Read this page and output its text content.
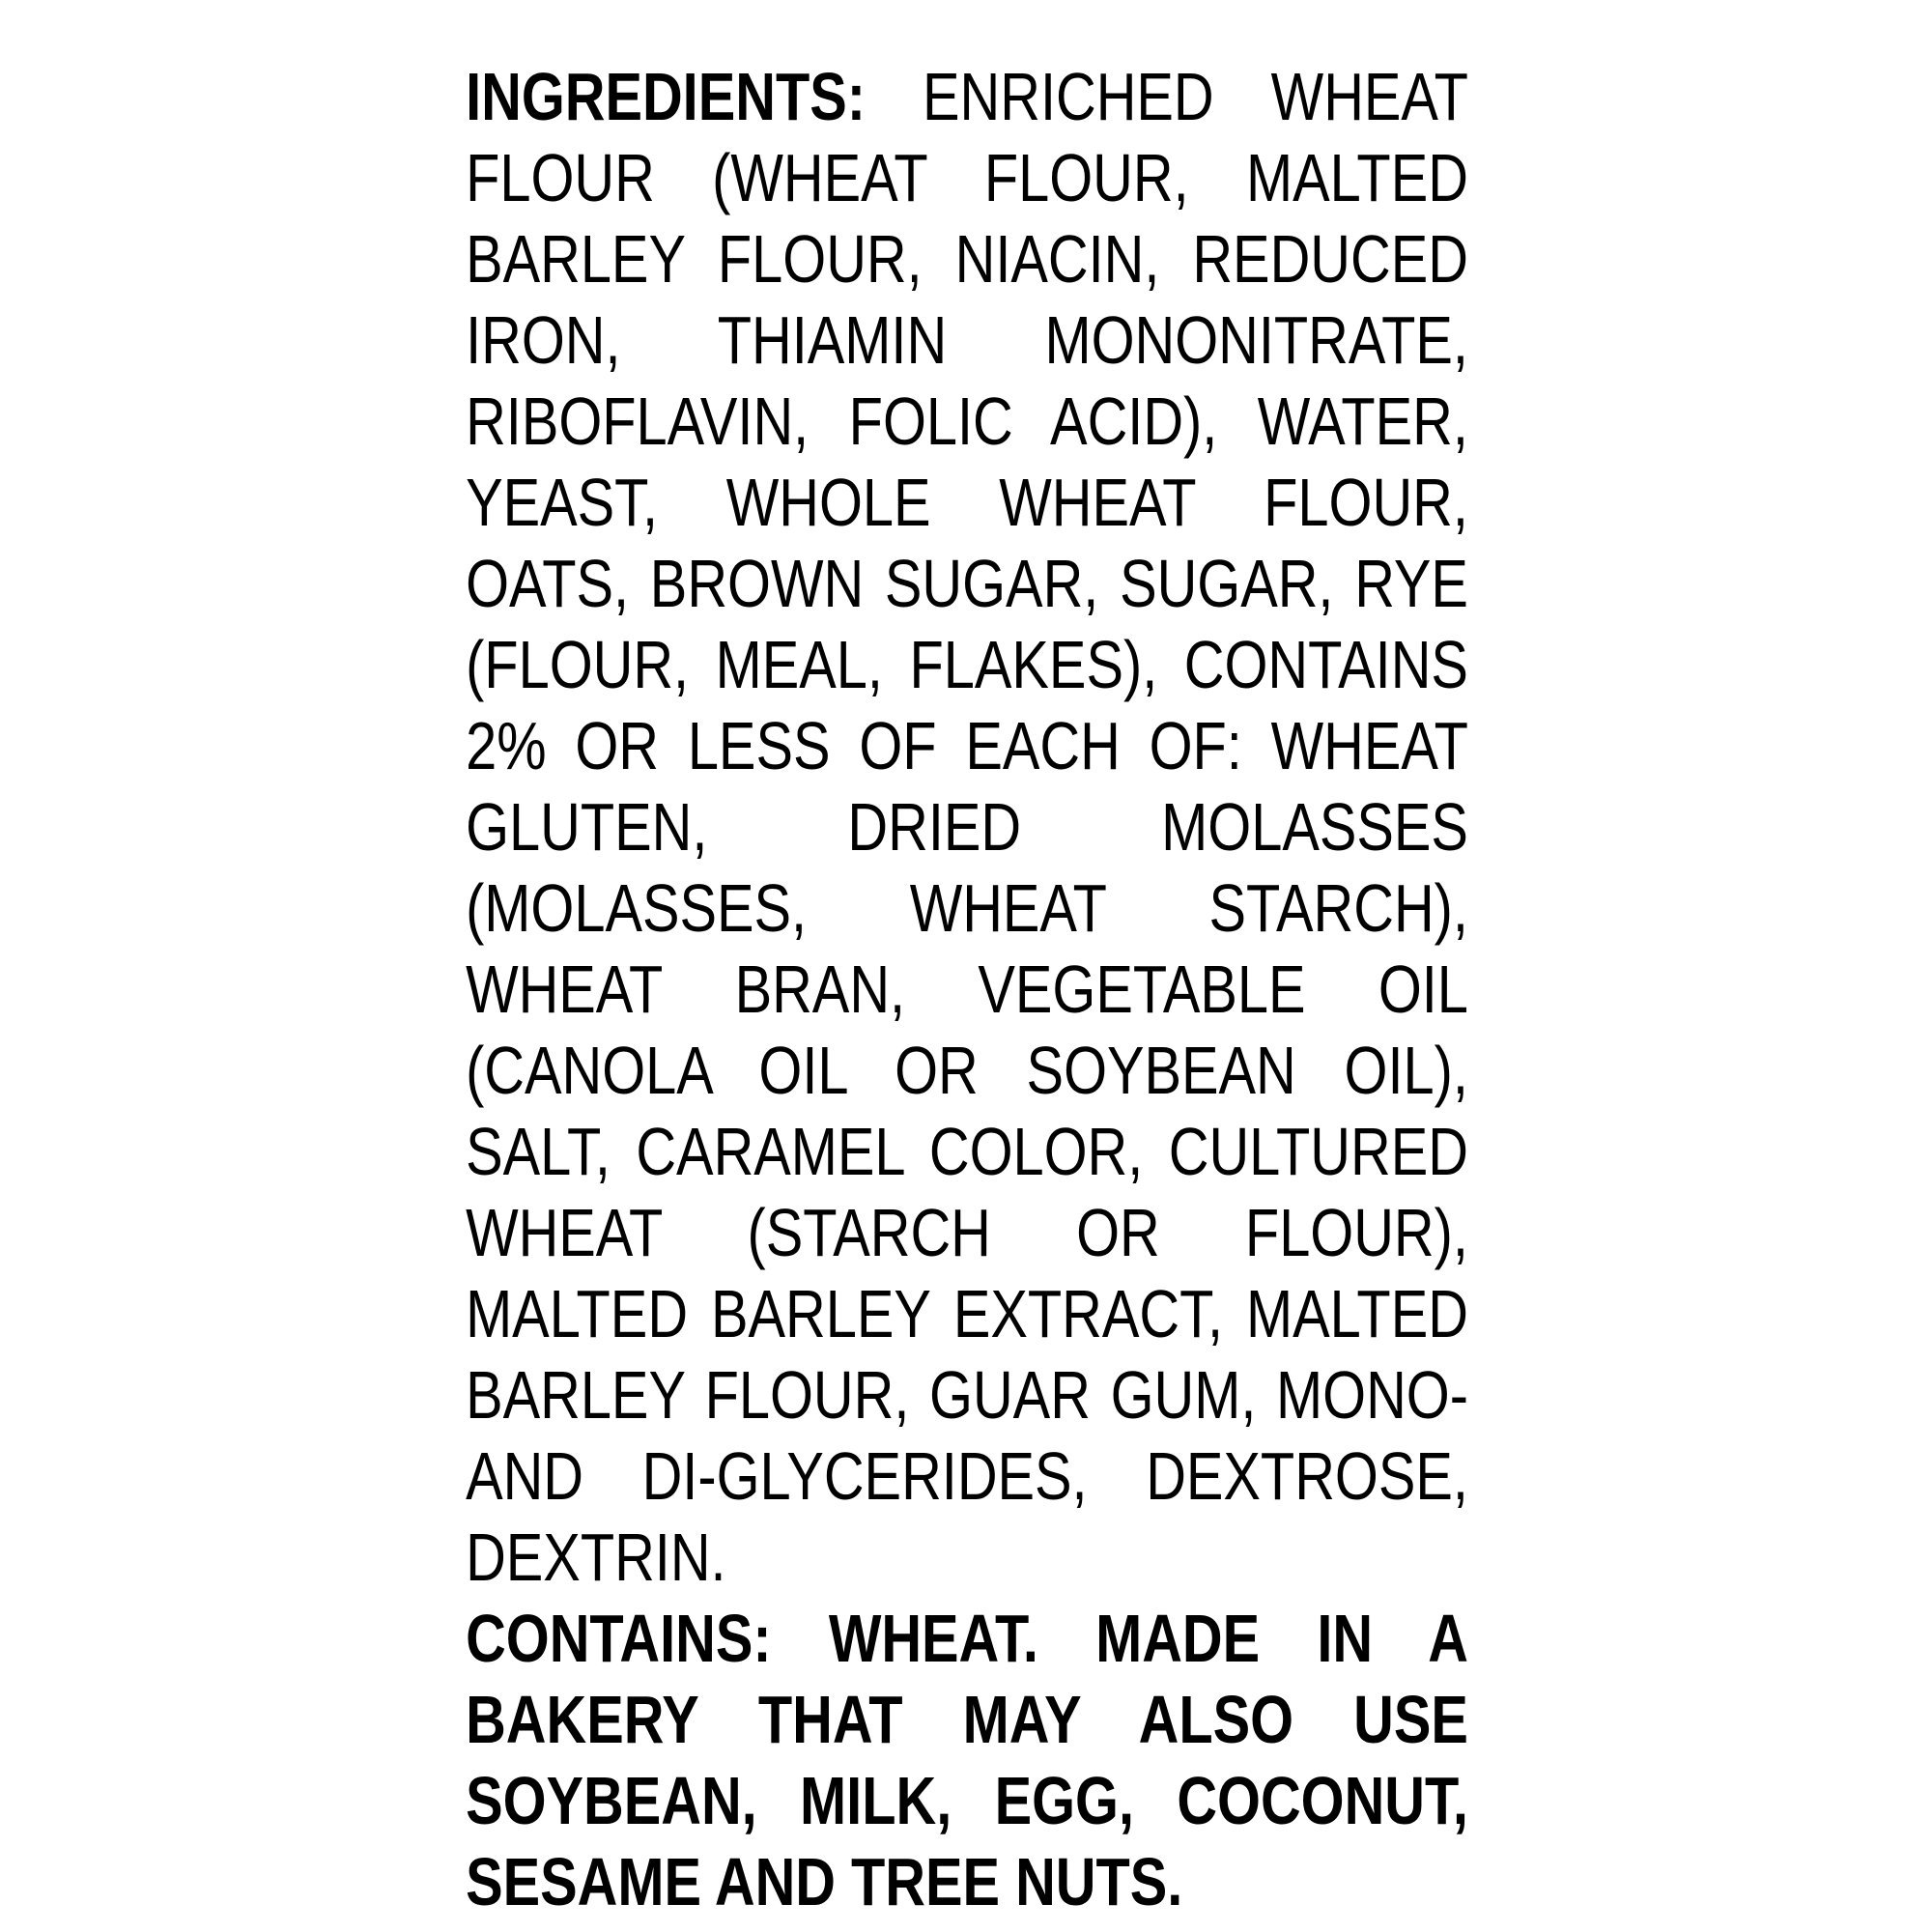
INGREDIENTS: ENRICHED WHEAT
FLOUR (WHEAT FLOUR, MALTED
BARLEY FLOUR, NIACIN, REDUCED
IRON, THIAMIN MONONITRATE,
RIBOFLAVIN, FOLIC ACID), WATER,
YEAST, WHOLE WHEAT FLOUR,
OATS, BROWN SUGAR, SUGAR, RYE
(FLOUR, MEAL, FLAKES), CONTAINS
2% OR LESS OF EACH OF: WHEAT
GLUTEN, DRIED MOLASSES
(MOLASSES, WHEAT STARCH),
WHEAT BRAN, VEGETABLE OIL
(CANOLA OIL OR SOYBEAN OIL),
SALT, CARAMEL COLOR, CULTURED
WHEAT (STARCH OR FLOUR),
MALTED BARLEY EXTRACT, MALTED
BARLEY FLOUR, GUAR GUM, MONO-
AND DI-GLYCERIDES, DEXTROSE,
DEXTRIN.
CONTAINS: WHEAT. MADE IN A
BAKERY THAT MAY ALSO USE
SOYBEAN, MILK, EGG, COCONUT,
SESAME AND TREE NUTS.
